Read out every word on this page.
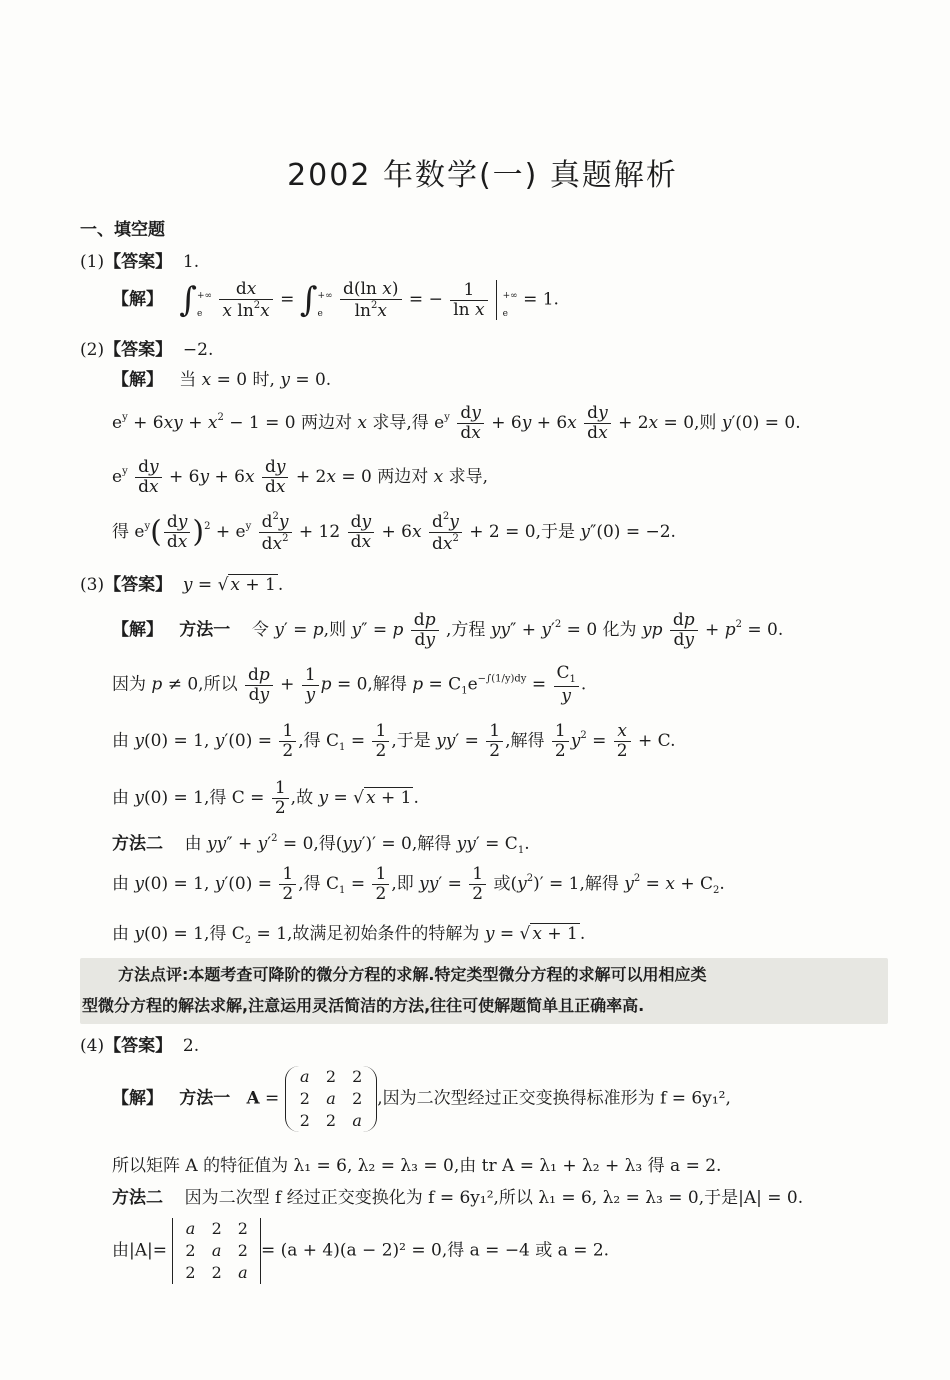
2002 年数学(一) 真题解析
一、填空题
(1)【答案】 1.
【解】 ∫ +∞
e
	$\frac{dx}{x \ln^2x}$ = ∫ +∞
e
	$\frac{\text{d(ln x)}}{\ln^2x}$ = − $\frac{1}{\text{ln x}}$ +∞
e
= 1.
(2)【答案】 −2.
【解】   当 x = 0 时, y = 0.
$e^y + 6xy + x^2 - 1 = 0$ 两边对 x 求导,得 $e^y \frac{dy}{dx} + 6y + 6x \frac{dy}{dx} + 2x = 0$,则 y′(0) = 0.
$e^y \frac{dy}{dx} + 6y + 6x \frac{dy}{dx} + 2x = 0$ 两边对 x 求导,
得 $e^y( \frac{dy}{dx} )^2 + e^y \frac{d^2y}{dx^2} + 12 \frac{dy}{dx} + 6x \frac{d^2y}{dx^2} + 2 = 0$,于是 y″(0) = −2.
(3)【答案】 y = √ x + 1 .
【解】 方法一    令 y′ = p,则 y″ = p $\frac{dp}{dy}$ ,方程 $yy'' + y'^2 = 0$ 化为 yp $\frac{dp}{dy} + p^2 = 0$.
因为 p ≠ 0,所以 $\frac{dp}{dy} + \frac{1}{y}$ p = 0,解得 $p = C_1e^{-\int(1/y)dy} = \frac{C_1}{y}$ .
由 y(0) = 1, $y'(0) = \frac{1}{2}$ ,得 $C_1 = \frac{1}{2}$ ,于是 $yy' = \frac{1}{2}$ ,解得 $\frac{1}{2} y^2 = \frac{x}{2} + C$.
由 y(0) = 1,得 $C = \frac{1}{2}$ ,故 y = √ x + 1 .
方法二    由 $yy'' + y'^2 = 0$,得(yy′)′ = 0,解得 $yy' = C_1$.
由 y(0) = 1, $y'(0) = \frac{1}{2}$ ,得 $C_1 = \frac{1}{2}$ ,即 $yy' = \frac{1}{2}$ 或$(y^2)' = 1$,解得 $y^2 = x + C_2$.
由 y(0) = 1,得 $C_2 = 1$,故满足初始条件的特解为 y = √ x + 1 .
方法点评:本题考查可降阶的微分方程的求解.特定类型微分方程的求解可以用相应类
型微分方程的解法求解,注意运用灵活简洁的方法,往往可使解题简单且正确率高.
(4)【答案】 2.
【解】 方法一 A =
a	2	2
2	a	2
2	2	a
,因为二次型经过正交变换得标准形为 f = 6y₁²,
所以矩阵 A 的特征值为 λ₁ = 6, λ₂ = λ₃ = 0,由 tr A = λ₁ + λ₂ + λ₃ 得 a = 2.
方法二 因为二次型 f 经过正交变换化为 f = 6y₁²,所以 λ₁ = 6, λ₂ = λ₃ = 0,于是|A| = 0.
由|A|=
a	2	2
2	a	2
2	2	a
= (a + 4)(a − 2)² = 0,得 a = −4 或 a = 2.
